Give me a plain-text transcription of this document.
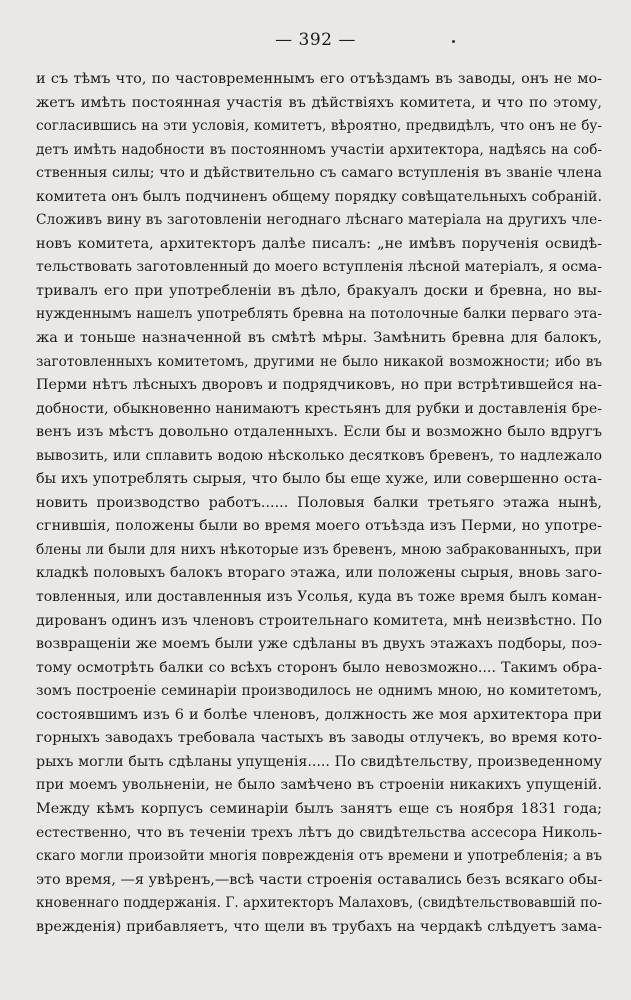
— 392 —
и съ тѣмъ что, по частовременнымъ его отъѣздамъ въ заводы, онъ не мо-
жетъ имѣть постоянная участія въ дѣйствіяхъ комитета, и что по этому,
согласившись на эти условія, комитетъ, вѣроятно, предвидѣлъ, что онъ не бу-
детъ имѣть надобности въ постоянномъ участіи архитектора, надѣясь на соб-
ственныя силы; что и дѣйствительно съ самаго вступленія въ званіе члена
комитета онъ былъ подчиненъ общему порядку совѣщательныхъ собраній.
Сложивъ вину въ заготовленіи негоднаго лѣснаго матеріала на другихъ чле-
новъ комитета, архитекторъ далѣе писалъ: „не имѣвъ порученія освидѣ-
тельствовать заготовленный до моего вступленія лѣсной матеріалъ, я осма-
тривалъ его при употребленіи въ дѣло, бракуалъ доски и бревна, но вы-
нужденнымъ нашелъ употреблять бревна на потолочные балки перваго эта-
жа и тоньше назначенной въ смѣтѣ мѣры. Замѣнить бревна для балокъ,
заготовленныхъ комитетомъ, другими не было никакой возможности; ибо въ
Перми нѣтъ лѣсныхъ дворовъ и подрядчиковъ, но при встрѣтившейся на-
добности, обыкновенно нанимаютъ крестьянъ для рубки и доставленія бре-
венъ изъ мѣстъ довольно отдаленныхъ. Если бы и возможно было вдругъ
вывозить, или сплавить водою нѣсколько десятковъ бревенъ, то надлежало
бы ихъ употреблять сырыя, что было бы еще хуже, или совершенно оста-
новить производство работъ...... Половыя балки третьяго этажа нынѣ,
сгнившія, положены были во время моего отъѣзда изъ Перми, но употре-
блены ли были для нихъ нѣкоторые изъ бревенъ, мною забракованныхъ, при
кладкѣ половыхъ балокъ втораго этажа, или положены сырыя, вновь заго-
товленныя, или доставленныя изъ Усолья, куда въ тоже время былъ коман-
дированъ одинъ изъ членовъ строительнаго комитета, мнѣ неизвѣстно. По
возвращеніи же моемъ были уже сдѣланы въ двухъ этажахъ подборы, поэ-
тому осмотрѣть балки со всѣхъ сторонъ было невозможно.... Такимъ обра-
зомъ построеніе семинаріи производилось не однимъ мною, но комитетомъ,
состоявшимъ изъ 6 и болѣе членовъ, должность же моя архитектора при
горныхъ заводахъ требовала частыхъ въ заводы отлучекъ, во время кото-
рыхъ могли быть сдѣланы упущенія..... По свидѣтельству, произведенному
при моемъ увольненіи, не было замѣчено въ строеніи никакихъ упущеній.
Между кѣмъ корпусъ семинаріи былъ занятъ еще съ ноября 1831 года;
естественно, что въ теченіи трехъ лѣтъ до свидѣтельства ассесора Николь-
скаго могли произойти многія поврежденія отъ времени и употребленія; а въ
это время, —я увѣренъ,—всѣ части строенія оставались безъ всякаго обы-
кновеннаго поддержанія. Г. архитекторъ Малаховъ, (свидѣтельствовавшій по-
врежденія) прибавляетъ, что щели въ трубахъ на чердакѣ слѣдуетъ зама-
